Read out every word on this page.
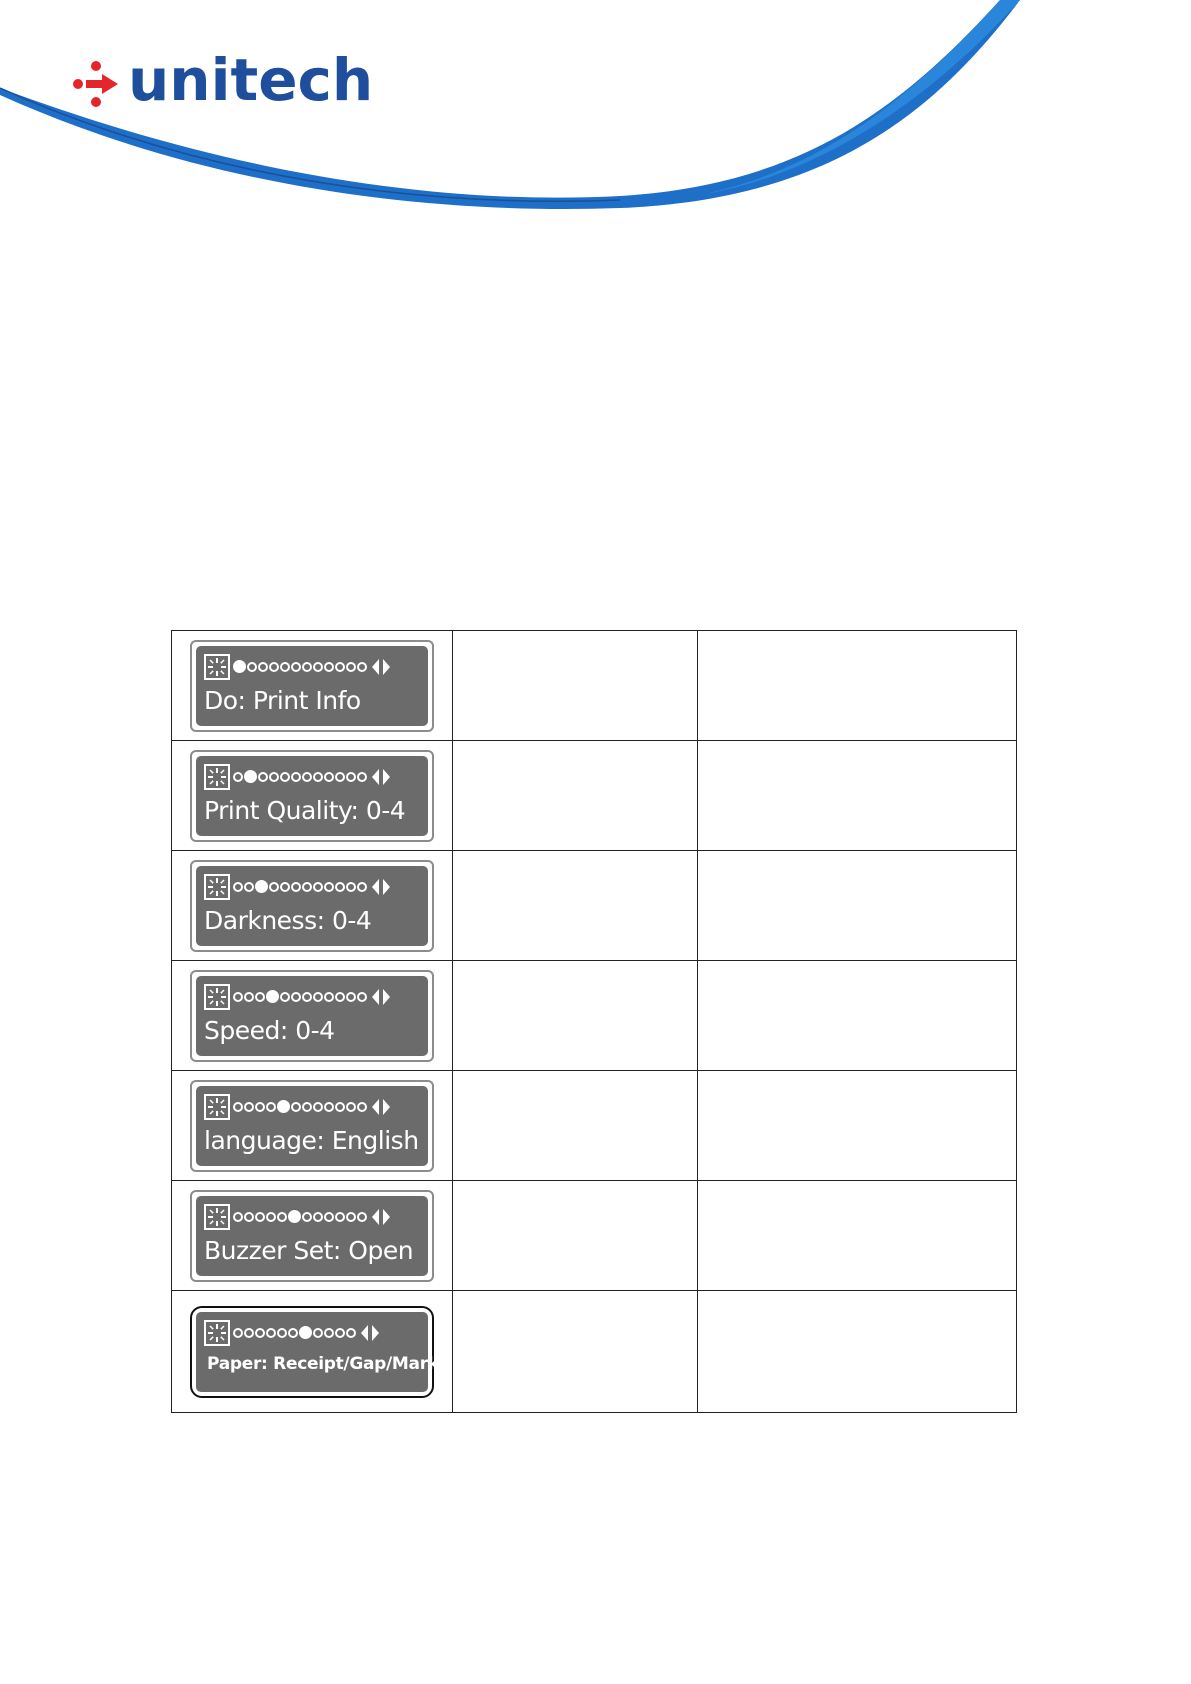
unitech
Do: Print Info		

Print Quality: 0-4		

Darkness: 0-4		

Speed: 0-4		

language: English		

Buzzer Set: Open		

Paper: Receipt/Gap/Mark		
